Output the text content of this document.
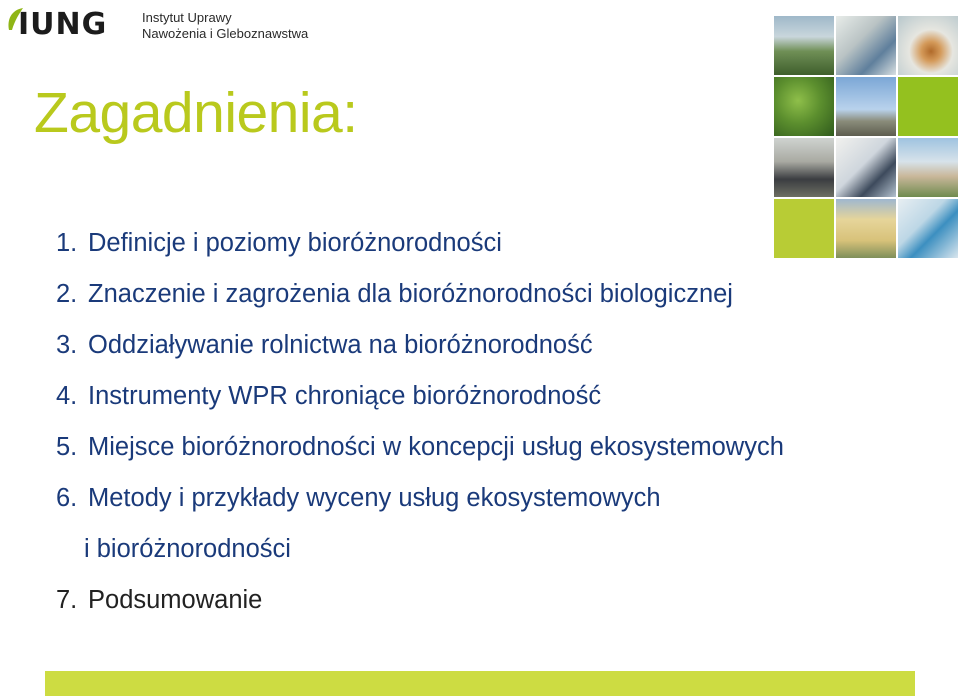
IUNG	Instytut Uprawy
Nawożenia i Gleboznawstwa
Zagadnienia:
1. Definicje i poziomy bioróżnorodności
2. Znaczenie i zagrożenia dla bioróżnorodności biologicznej
3. Oddziaływanie rolnictwa na bioróżnorodność
4. Instrumenty WPR chroniące bioróżnorodność
5. Miejsce bioróżnorodności w koncepcji usług ekosystemowych
6. Metody i przykłady wyceny usług ekosystemowych
i bioróżnorodności
7. Podsumowanie
